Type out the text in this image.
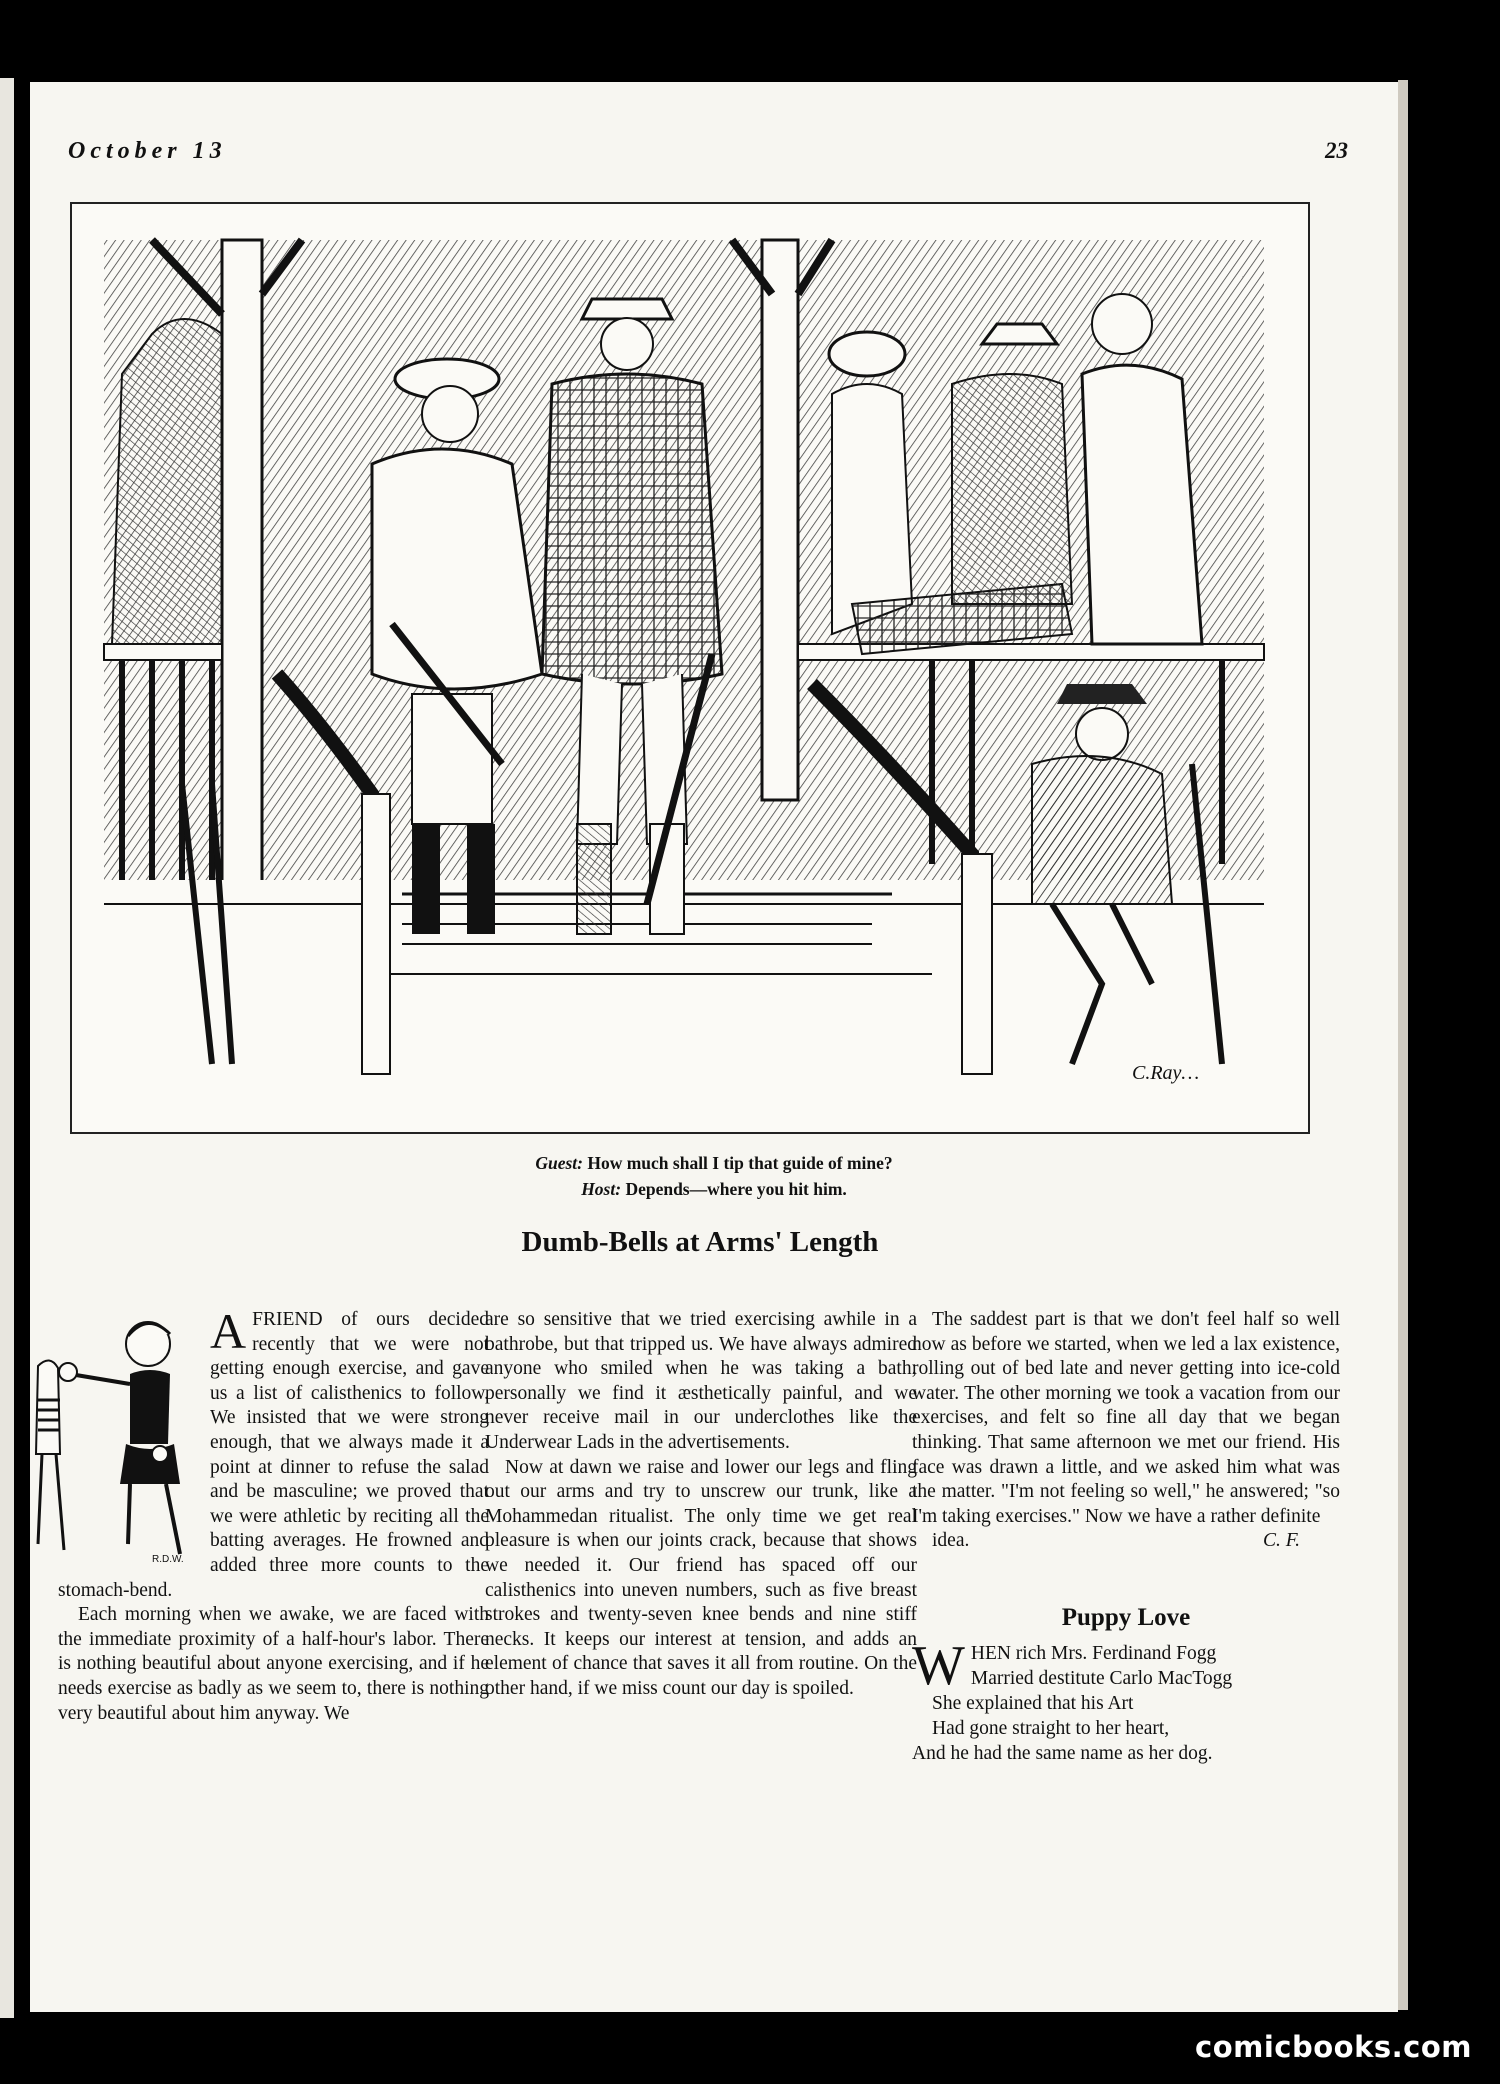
October 13	23
C.Ray…
Guest: How much shall I tip that guide of mine?
Host: Depends—where you hit him.
Dumb-Bells at Arms' Length
R.D.W.

AFRIEND of ours decided recently that we were not getting enough exercise, and gave us a list of calisthenics to follow. We insisted that we were strong enough, that we always made it a point at dinner to refuse the salad and be masculine; we proved that we were athletic by reciting all the batting averages. He frowned and added three more counts to the stomach-bend.

Each morning when we awake, we are faced with the immediate proximity of a half-hour's labor. There is nothing beautiful about anyone exercising, and if he needs exercise as badly as we seem to, there is nothing very beautiful about him anyway. We

are so sensitive that we tried exercising awhile in a bathrobe, but that tripped us. We have always admired anyone who smiled when he was taking a bath; personally we find it æsthetically painful, and we never receive mail in our underclothes like the Underwear Lads in the advertisements.

Now at dawn we raise and lower our legs and fling out our arms and try to unscrew our trunk, like a Mohammedan ritualist. The only time we get real pleasure is when our joints crack, because that shows we needed it. Our friend has spaced off our calisthenics into uneven numbers, such as five breast strokes and twenty-seven knee bends and nine stiff necks. It keeps our interest at tension, and adds an element of chance that saves it all from routine. On the other hand, if we miss count our day is spoiled.

The saddest part is that we don't feel half so well now as before we started, when we led a lax existence, rolling out of bed late and never getting into ice-cold water. The other morning we took a vacation from our exercises, and felt so fine all day that we began thinking. That same afternoon we met our friend. His face was drawn a little, and we asked him what was the matter. "I'm not feeling so well," he answered; "so I'm taking exercises." Now we have a rather definite

idea.	C. F.

Puppy Love

WHEN rich Mrs. Ferdinand Fogg
Married destitute Carlo MacTogg

She explained that his Art

Had gone straight to her heart,

And he had the same name as her dog.

comicbooks.com
